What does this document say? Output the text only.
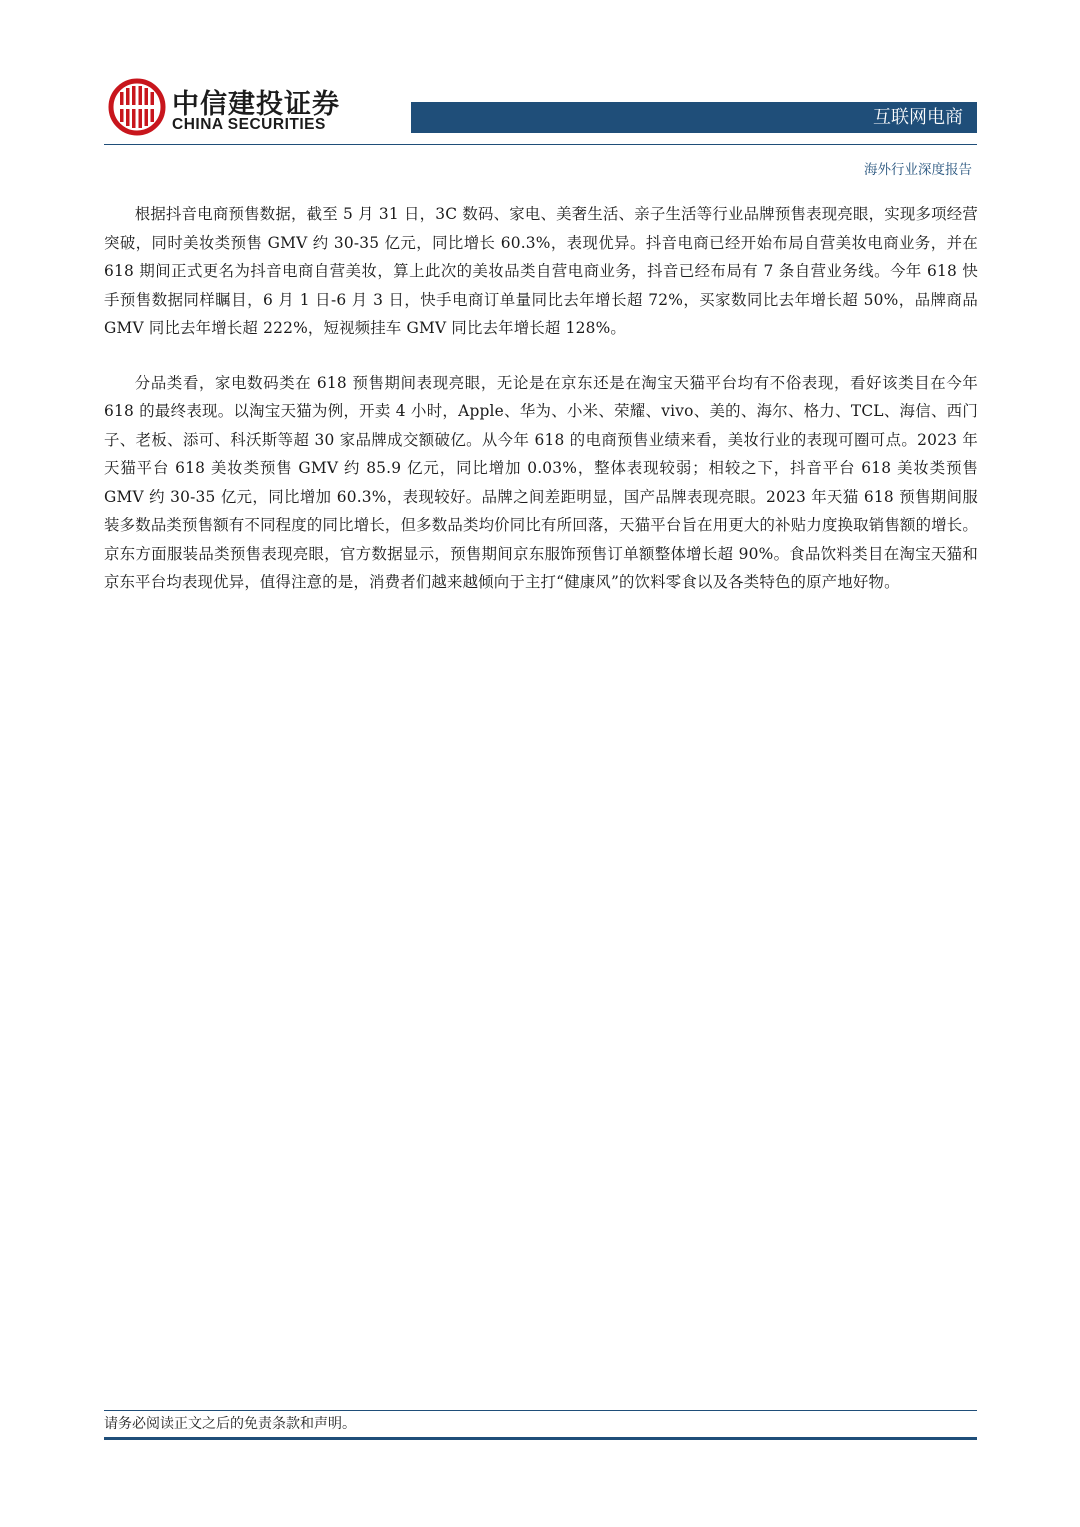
中信建投证券
CHINA SECURITIES	互联网电商
海外行业深度报告

根据抖音电商预售数据，截至 5 月 31 日，3C 数码、家电、美奢生活、亲子生活等行业品牌预售表现亮眼，实现多项经营突破，同时美妆类预售 GMV 约 30-35 亿元，同比增长 60.3%，表现优异。抖音电商已经开始布局自营美妆电商业务，并在 618 期间正式更名为抖音电商自营美妆，算上此次的美妆品类自营电商业务，抖音已经布局有 7 条自营业务线。今年 618 快手预售数据同样瞩目，6 月 1 日-6 月 3 日，快手电商订单量同比去年增长超 72%，买家数同比去年增长超 50%，品牌商品 GMV 同比去年增长超 222%，短视频挂车 GMV 同比去年增长超 128%。

分品类看，家电数码类在 618 预售期间表现亮眼，无论是在京东还是在淘宝天猫平台均有不俗表现，看好该类目在今年 618 的最终表现。以淘宝天猫为例，开卖 4 小时，Apple、华为、小米、荣耀、vivo、美的、海尔、格力、TCL、海信、西门子、老板、添可、科沃斯等超 30 家品牌成交额破亿。从今年 618 的电商预售业绩来看，美妆行业的表现可圈可点。2023 年天猫平台 618 美妆类预售 GMV 约 85.9 亿元，同比增加 0.03%，整体表现较弱；相较之下，抖音平台 618 美妆类预售 GMV 约 30-35 亿元，同比增加 60.3%，表现较好。品牌之间差距明显，国产品牌表现亮眼。2023 年天猫 618 预售期间服装多数品类预售额有不同程度的同比增长，但多数品类均价同比有所回落，天猫平台旨在用更大的补贴力度换取销售额的增长。京东方面服装品类预售表现亮眼，官方数据显示，预售期间京东服饰预售订单额整体增长超 90%。食品饮料类目在淘宝天猫和京东平台均表现优异，值得注意的是，消费者们越来越倾向于主打“健康风”的饮料零食以及各类特色的原产地好物。

请务必阅读正文之后的免责条款和声明。
